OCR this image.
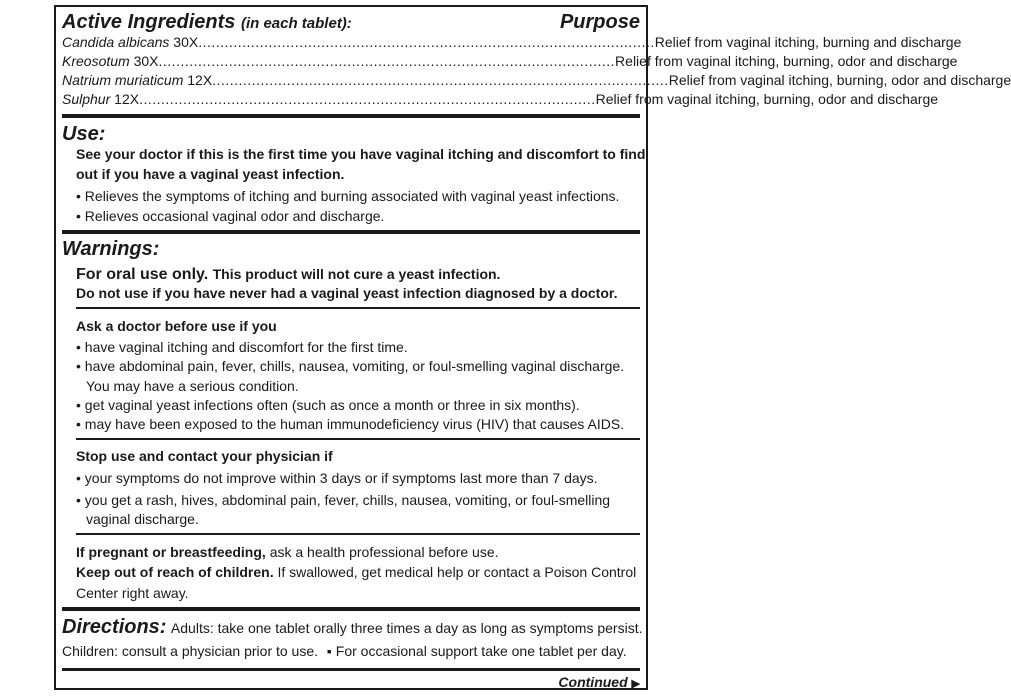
Active Ingredients (in each tablet):	Purpose
Candida albicans 30X ........................................................................................................ Relief from vaginal itching, burning and discharge
Kreosotum 30X ........................................................................................................ Relief from vaginal itching, burning, odor and discharge
Natrium muriaticum 12X ........................................................................................................ Relief from vaginal itching, burning, odor and discharge
Sulphur 12X ........................................................................................................ Relief from vaginal itching, burning, odor and discharge
Use:
See your doctor if this is the first time you have vaginal itching and discomfort to find
out if you have a vaginal yeast infection.
• Relieves the symptoms of itching and burning associated with vaginal yeast infections.
• Relieves occasional vaginal odor and discharge.
Warnings:
For oral use only. This product will not cure a yeast infection.
Do not use if you have never had a vaginal yeast infection diagnosed by a doctor.
Ask a doctor before use if you
• have vaginal itching and discomfort for the first time.
• have abdominal pain, fever, chills, nausea, vomiting, or foul-smelling vaginal discharge.
You may have a serious condition.
• get vaginal yeast infections often (such as once a month or three in six months).
• may have been exposed to the human immunodeficiency virus (HIV) that causes AIDS.
Stop use and contact your physician if
• your symptoms do not improve within 3 days or if symptoms last more than 7 days.
• you get a rash, hives, abdominal pain, fever, chills, nausea, vomiting, or foul-smelling
vaginal discharge.
If pregnant or breastfeeding, ask a health professional before use.
Keep out of reach of children. If swallowed, get medical help or contact a Poison Control
Center right away.
Directions: Adults: take one tablet orally three times a day as long as symptoms persist.
Children: consult a physician prior to use. ▪ For occasional support take one tablet per day.
Continued ▶
